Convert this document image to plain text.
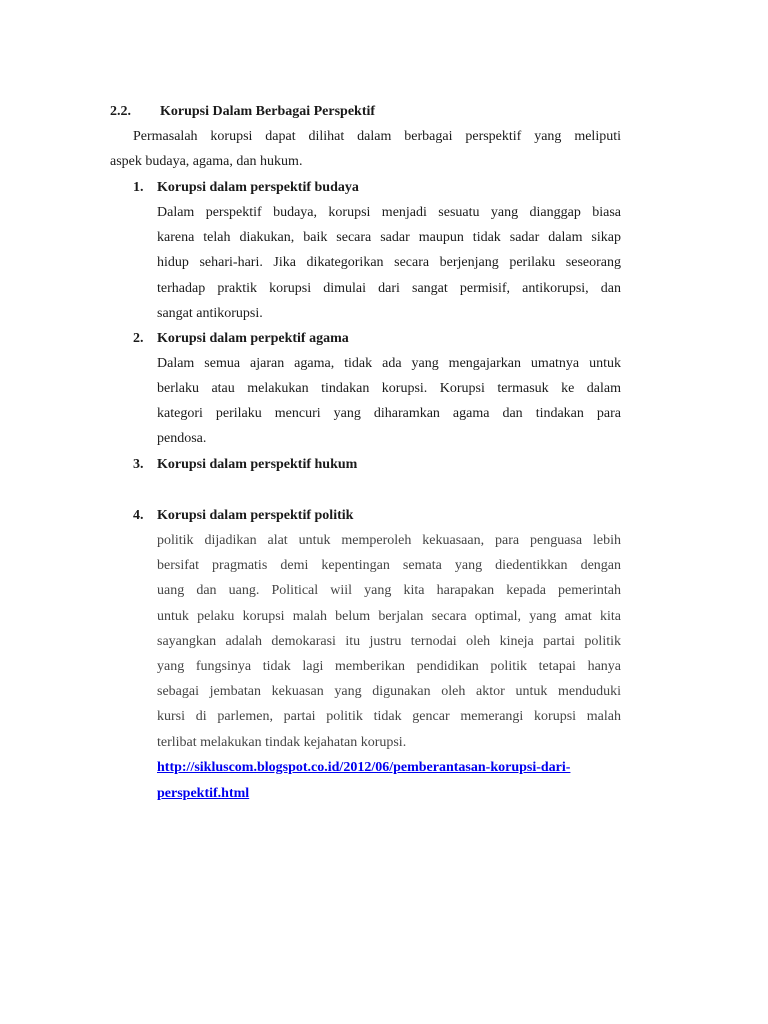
2.2. Korupsi Dalam Berbagai Perspektif
Permasalah korupsi dapat dilihat dalam berbagai perspektif yang meliputi
aspek budaya, agama, dan hukum.
1. Korupsi dalam perspektif budaya
Dalam perspektif budaya, korupsi menjadi sesuatu yang dianggap biasa
karena telah diakukan, baik secara sadar maupun tidak sadar dalam sikap
hidup sehari-hari. Jika dikategorikan secara berjenjang perilaku seseorang
terhadap praktik korupsi dimulai dari sangat permisif, antikorupsi, dan
sangat antikorupsi.
2. Korupsi dalam perpektif agama
Dalam semua ajaran agama, tidak ada yang mengajarkan umatnya untuk
berlaku atau melakukan tindakan korupsi. Korupsi termasuk ke dalam
kategori perilaku mencuri yang diharamkan agama dan tindakan para
pendosa.
3. Korupsi dalam perspektif hukum
4. Korupsi dalam perspektif politik
politik dijadikan alat untuk memperoleh kekuasaan, para penguasa lebih
bersifat pragmatis demi kepentingan semata yang diedentikkan dengan
uang dan uang. Political wiil yang kita harapakan kepada pemerintah
untuk pelaku korupsi malah belum berjalan secara optimal, yang amat kita
sayangkan adalah demokarasi itu justru ternodai oleh kineja partai politik
yang fungsinya tidak lagi memberikan pendidikan politik tetapai hanya
sebagai jembatan kekuasan yang digunakan oleh aktor untuk menduduki
kursi di parlemen, partai politik tidak gencar memerangi korupsi malah
terlibat melakukan tindak kejahatan korupsi.
http://sikluscom.blogspot.co.id/2012/06/pemberantasan-korupsi-dari-
perspektif.html
